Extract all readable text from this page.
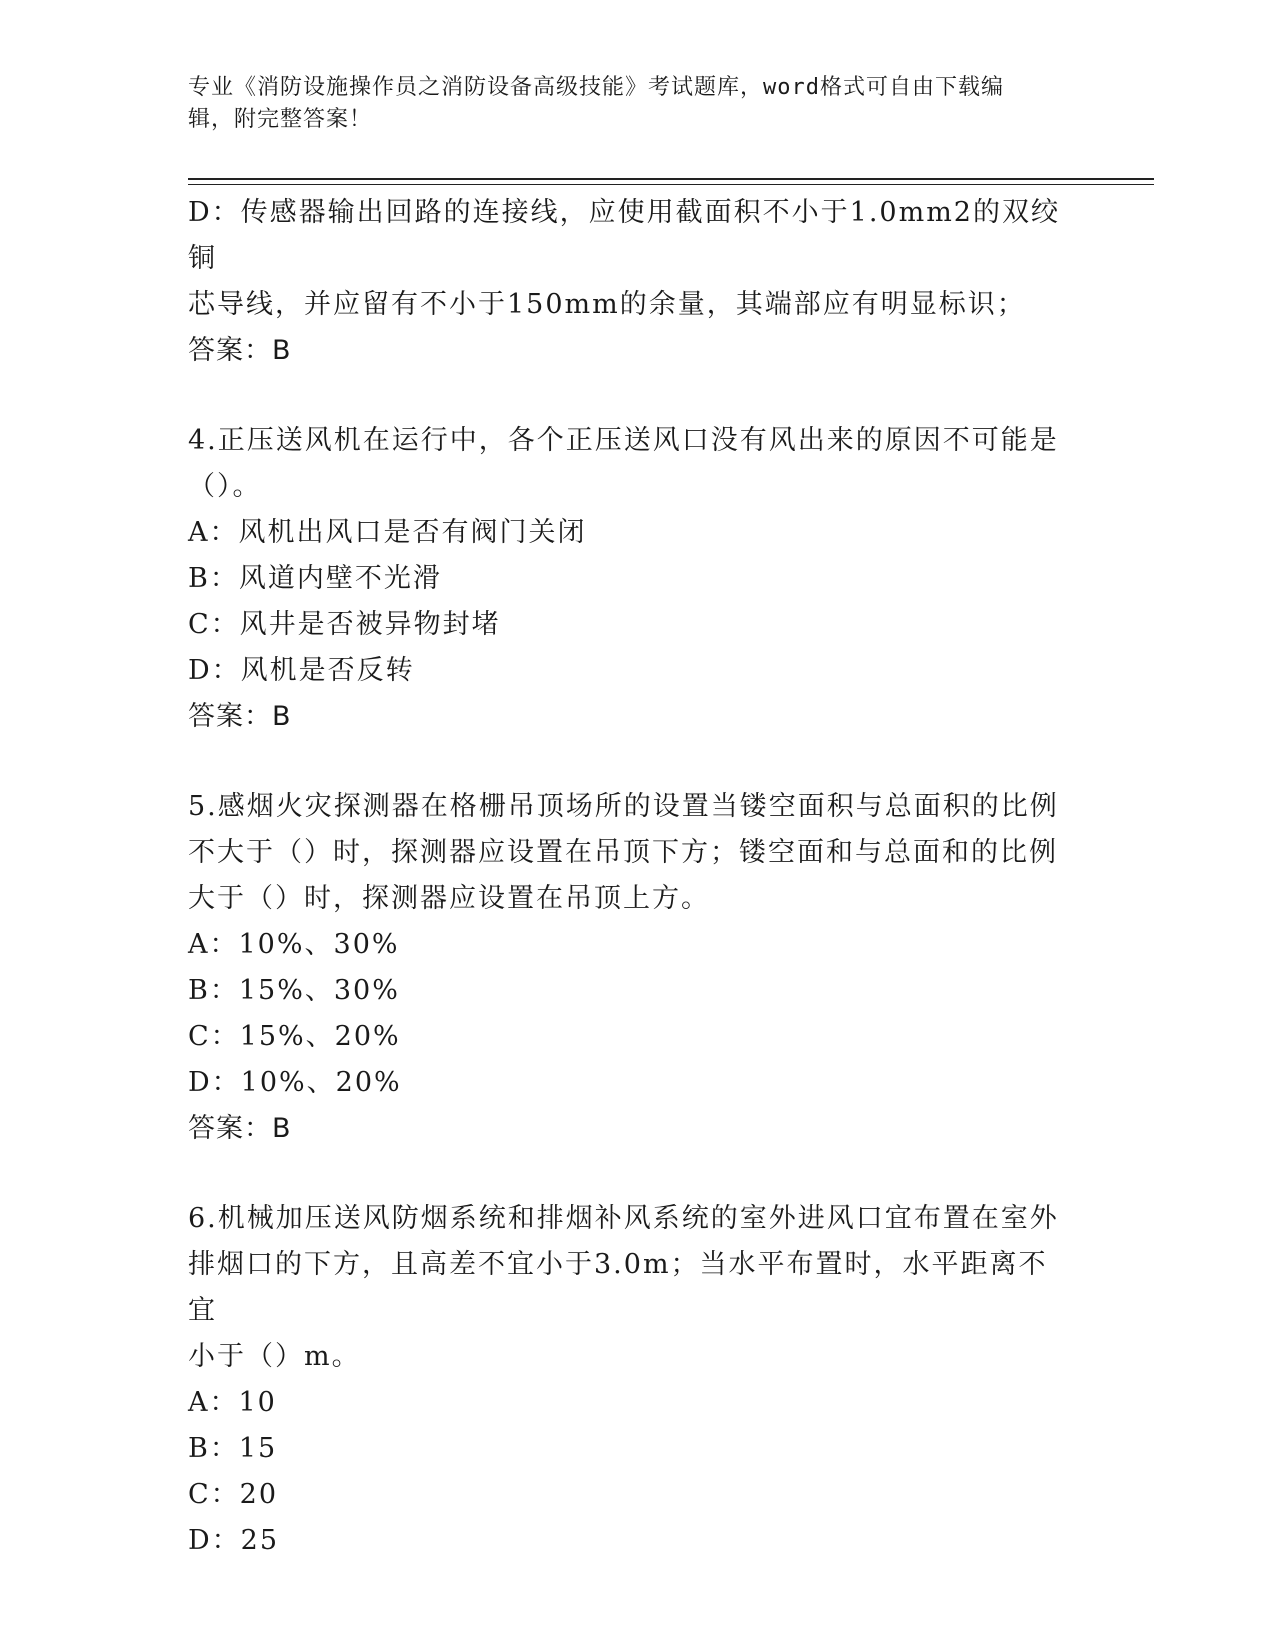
专业《消防设施操作员之消防设备高级技能》考试题库，word格式可自由下载编
辑，附完整答案！
D：传感器输出回路的连接线，应使用截面积不小于1.0mm2的双绞铜
芯导线，并应留有不小于150mm的余量，其端部应有明显标识；
答案：B
4.正压送风机在运行中，各个正压送风口没有风出来的原因不可能是
（）。
A：风机出风口是否有阀门关闭
B：风道内壁不光滑
C：风井是否被异物封堵
D：风机是否反转
答案：B
5.感烟火灾探测器在格栅吊顶场所的设置当镂空面积与总面积的比例
不大于（）时，探测器应设置在吊顶下方；镂空面和与总面和的比例
大于（）时，探测器应设置在吊顶上方。
A：10%、30%
B：15%、30%
C：15%、20%
D：10%、20%
答案：B
6.机械加压送风防烟系统和排烟补风系统的室外进风口宜布置在室外
排烟口的下方，且高差不宜小于3.0m；当水平布置时，水平距离不宜
小于（）m。
A：10
B：15
C：20
D：25
